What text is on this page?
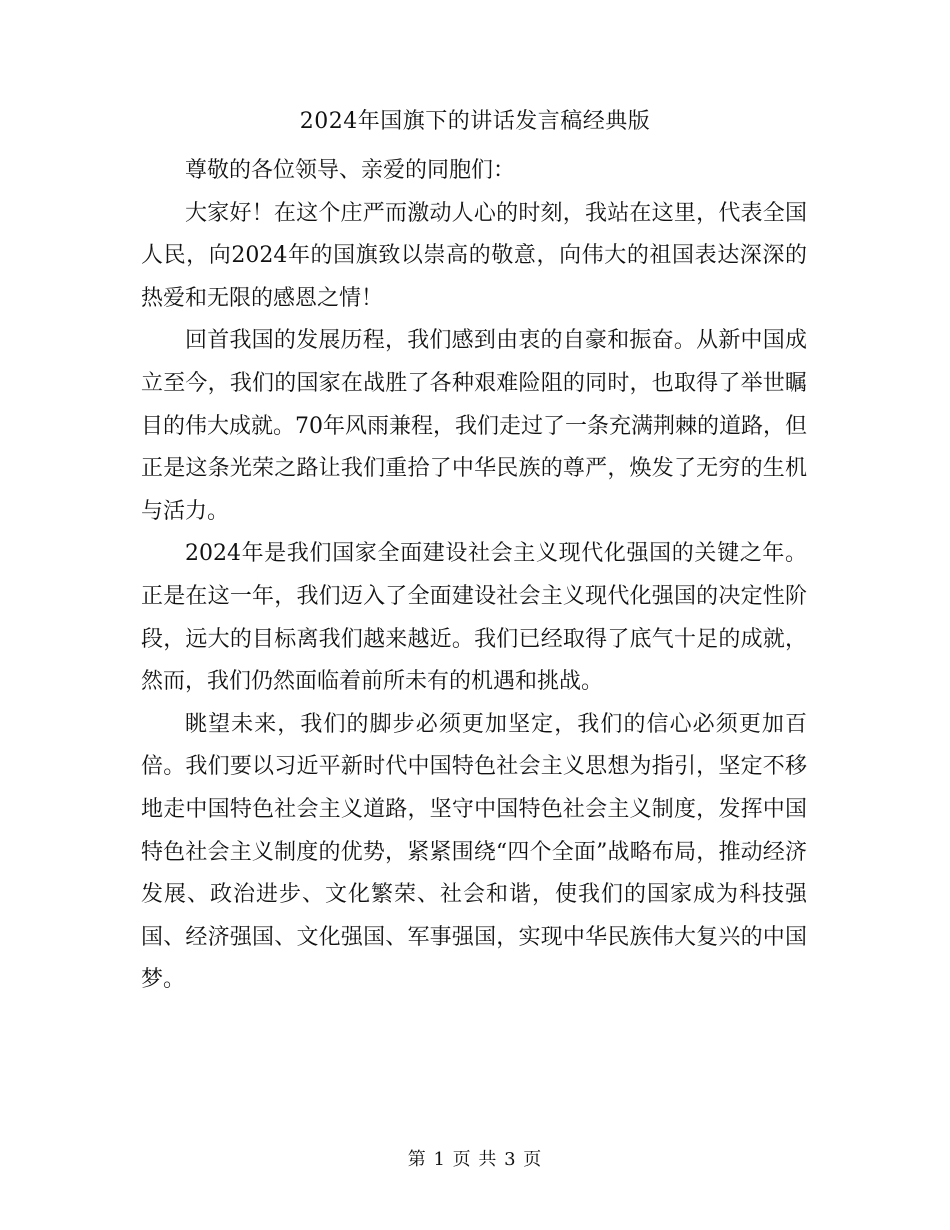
2024年国旗下的讲话发言稿经典版

尊敬的各位领导、亲爱的同胞们：

大家好！在这个庄严而激动人心的时刻，我站在这里，代表全国人民，向2024年的国旗致以崇高的敬意，向伟大的祖国表达深深的热爱和无限的感恩之情！

回首我国的发展历程，我们感到由衷的自豪和振奋。从新中国成立至今，我们的国家在战胜了各种艰难险阻的同时，也取得了举世瞩目的伟大成就。70年风雨兼程，我们走过了一条充满荆棘的道路，但正是这条光荣之路让我们重拾了中华民族的尊严，焕发了无穷的生机与活力。

2024年是我们国家全面建设社会主义现代化强国的关键之年。正是在这一年，我们迈入了全面建设社会主义现代化强国的决定性阶段，远大的目标离我们越来越近。我们已经取得了底气十足的成就，然而，我们仍然面临着前所未有的机遇和挑战。

眺望未来，我们的脚步必须更加坚定，我们的信心必须更加百倍。我们要以习近平新时代中国特色社会主义思想为指引，坚定不移地走中国特色社会主义道路，坚守中国特色社会主义制度，发挥中国特色社会主义制度的优势，紧紧围绕“四个全面”战略布局，推动经济发展、政治进步、文化繁荣、社会和谐，使我们的国家成为科技强国、经济强国、文化强国、军事强国，实现中华民族伟大复兴的中国梦。

第 1 页 共 3 页
